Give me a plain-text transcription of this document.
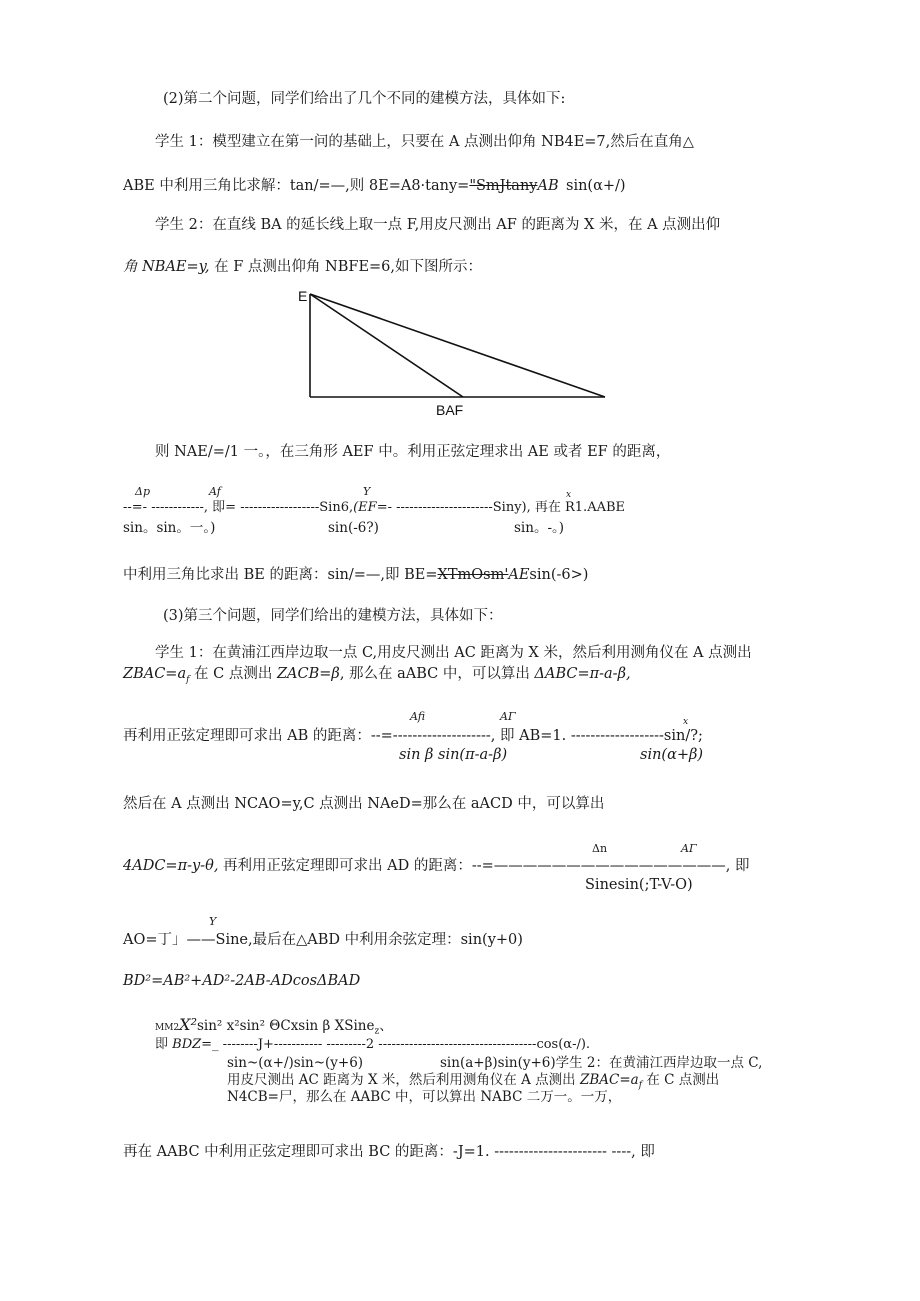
(2)第二个问题，同学们给出了几个不同的建模方法，具体如下:
学生 1：模型建立在第一问的基础上，只要在 A 点测出仰角 NB4E=7,然后在直角△
ABE 中利用三角比求解：tan/=—,则 8E=A8·tany="SmJtanyAB sin(α+/)
学生 2：在直线 BA 的延长线上取一点 F,用皮尺测出 AF 的距离为 X 米，在 A 点测出仰
角 NBAE=y, 在 F 点测出仰角 NBFE=6,如下图所示：
E
BAF
则 NAE/=/1 一。，在三角形 AEF 中。利用正弦定理求出 AE 或者 EF 的距离，
Δp	Af	Y	x
--=- ------------, 即= ------------------Sin6,(EF=- ----------------------Siny), 再在 R1.AABE
sin。sin。一。)	sin(-6?)	sin。-。)
中利用三角比求出 BE 的距离：sin/=—,即 BE=XTmOsm'AEsin(-6>)
(3)第三个问题，同学们给出的建模方法，具体如下：
学生 1：在黄浦江西岸边取一点 C,用皮尺测出 AC 距离为 X 米，然后利用测角仪在 A 点测出
$ZBAC=a_f$ 在 C 点测出 ZACB=β, 那么在 aABC 中，可以算出 ΔABC=π-a-β,
Afi	AΓ	x
再利用正弦定理即可求出 AB 的距离：--=--------------------, 即 AB=1. -------------------sin/?;
sin β sin(π-a-β)	sin(α+β)
然后在 A 点测出 NCAO=y,C 点测出 NAeD=那么在 aACD 中，可以算出
Δn	AΓ
4ADC=π-y-θ, 再利用正弦定理即可求出 AD 的距离：--=————————————————, 即
Sinesin(;T-V-O)
Y
AO=丁」——Sine,最后在△ABD 中利用余弦定理：sin(y+0)
BD²=AB²+AD²-2AB-ADcosΔBAD
MM2X²sin² x²sin² ΘCxsin β XSine$_z$、
即 BDZ=_ --------J+----------- ---------2 ------------------------------------cos(α-/).
sin~(α+/)sin~(y+6)	sin(a+β)sin(y+6)学生 2：在黄浦江西岸边取一点 C,
用皮尺测出 AC 距离为 X 米，然后利用测角仪在 A 点测出 $ZBAC=a_f$ 在 C 点测出
N4CB=尸，那么在 AABC 中，可以算出 NABC 二万一。一万，
再在 AABC 中利用正弦定理即可求出 BC 的距离：-J=1. ----------------------- ----, 即
